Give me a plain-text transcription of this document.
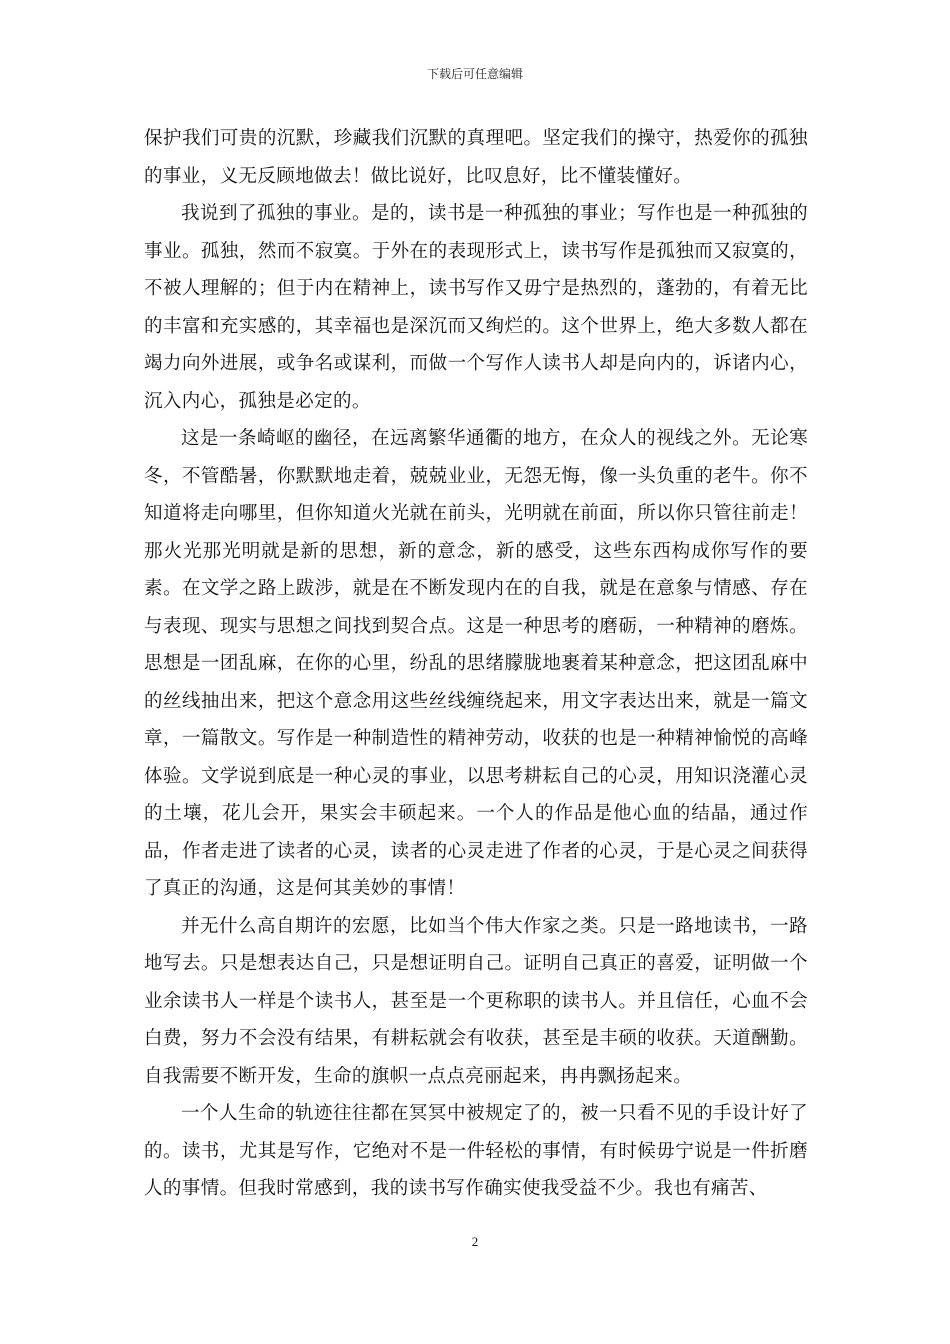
下载后可任意编辑

保护我们可贵的沉默，珍藏我们沉默的真理吧。坚定我们的操守，热爱你的孤独的事业，义无反顾地做去！做比说好，比叹息好，比不懂装懂好。

我说到了孤独的事业。是的，读书是一种孤独的事业；写作也是一种孤独的事业。孤独，然而不寂寞。于外在的表现形式上，读书写作是孤独而又寂寞的，不被人理解的；但于内在精神上，读书写作又毋宁是热烈的，蓬勃的，有着无比的丰富和充实感的，其幸福也是深沉而又绚烂的。这个世界上，绝大多数人都在竭力向外进展，或争名或谋利，而做一个写作人读书人却是向内的，诉诸内心，沉入内心，孤独是必定的。

这是一条崎岖的幽径，在远离繁华通衢的地方，在众人的视线之外。无论寒冬，不管酷暑，你默默地走着，兢兢业业，无怨无悔，像一头负重的老牛。你不知道将走向哪里，但你知道火光就在前头，光明就在前面，所以你只管往前走！那火光那光明就是新的思想，新的意念，新的感受，这些东西构成你写作的要素。在文学之路上跋涉，就是在不断发现内在的自我，就是在意象与情感、存在与表现、现实与思想之间找到契合点。这是一种思考的磨砺，一种精神的磨炼。思想是一团乱麻，在你的心里，纷乱的思绪朦胧地裹着某种意念，把这团乱麻中的丝线抽出来，把这个意念用这些丝线缠绕起来，用文字表达出来，就是一篇文章，一篇散文。写作是一种制造性的精神劳动，收获的也是一种精神愉悦的高峰体验。文学说到底是一种心灵的事业，以思考耕耘自己的心灵，用知识浇灌心灵的土壤，花儿会开，果实会丰硕起来。一个人的作品是他心血的结晶，通过作品，作者走进了读者的心灵，读者的心灵走进了作者的心灵，于是心灵之间获得了真正的沟通，这是何其美妙的事情！

并无什么高自期许的宏愿，比如当个伟大作家之类。只是一路地读书，一路地写去。只是想表达自己，只是想证明自己。证明自己真正的喜爱，证明做一个业余读书人一样是个读书人，甚至是一个更称职的读书人。并且信任，心血不会白费，努力不会没有结果，有耕耘就会有收获，甚至是丰硕的收获。天道酬勤。自我需要不断开发，生命的旗帜一点点亮丽起来，冉冉飘扬起来。

一个人生命的轨迹往往都在冥冥中被规定了的，被一只看不见的手设计好了的。读书，尤其是写作，它绝对不是一件轻松的事情，有时候毋宁说是一件折磨人的事情。但我时常感到，我的读书写作确实使我受益不少。我也有痛苦、

2
